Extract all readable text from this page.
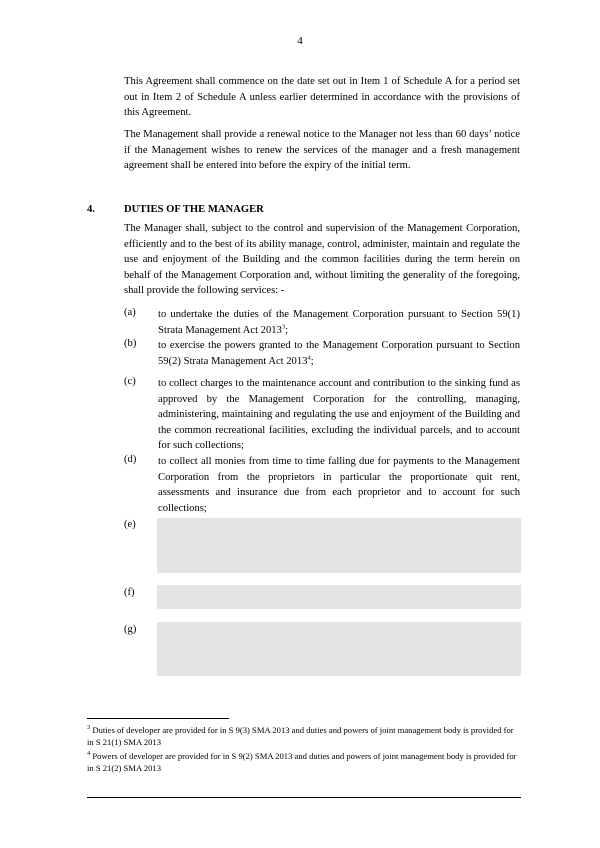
4

This Agreement shall commence on the date set out in Item 1 of Schedule A for a period set out in Item 2 of Schedule A unless earlier determined in accordance with the provisions of this Agreement.

The Management shall provide a renewal notice to the Manager not less than 60 days’ notice if the Management wishes to renew the services of the manager and a fresh management agreement shall be entered into before the expiry of the initial term.

4.	DUTIES OF THE MANAGER

The Manager shall, subject to the control and supervision of the Management Corporation, efficiently and to the best of its ability manage, control, administer, maintain and regulate the use and enjoyment of the Building and the common facilities during the term herein on behalf of the Management Corporation and, without limiting the generality of the foregoing, shall provide the following services: -

(a) to undertake the duties of the Management Corporation pursuant to Section 59(1) Strata Management Act 2013$^3$;

(b) to exercise the powers granted to the Management Corporation pursuant to Section 59(2) Strata Management Act 2013$^4$;

(c) to collect charges to the maintenance account and contribution to the sinking fund as approved by the Management Corporation for the controlling, managing, administering, maintaining and regulating the use and enjoyment of the Building and the common recreational facilities, excluding the individual parcels, and to account for such collections;

(d) to collect all monies from time to time falling due for payments to the Management Corporation from the proprietors in particular the proportionate quit rent, assessments and insurance due from each proprietor and to account for such collections;

(e)
(f)
(g)

$^3$ Duties of developer are provided for in S 9(3) SMA 2013 and duties and powers of joint management body is provided for in S 21(1) SMA 2013

$^4$ Powers of developer are provided for in S 9(2) SMA 2013 and duties and powers of joint management body is provided for in S 21(2) SMA 2013
